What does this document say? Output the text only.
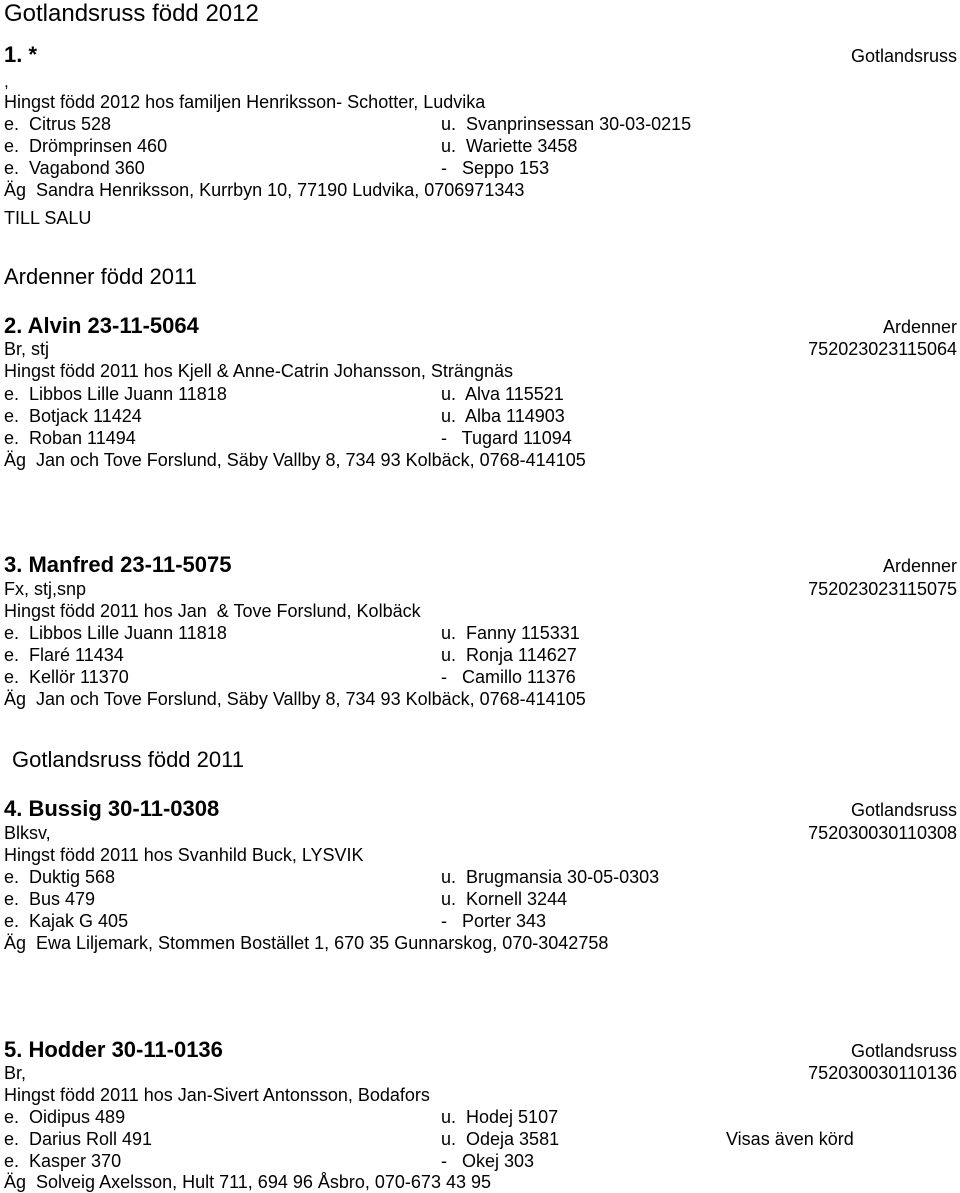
Gotlandsruss född 2012
1. *	Gotlandsruss
,
Hingst född 2012 hos familjen Henriksson- Schotter, Ludvika
e.  Citrus 528	u.  Svanprinsessan 30-03-0215
e.  Drömprinsen 460	u.  Wariette 3458
e.  Vagabond 360	-   Seppo 153
Äg  Sandra Henriksson, Kurrbyn 10, 77190 Ludvika, 0706971343
TILL SALU
Ardenner född 2011
2. Alvin 23-11-5064	Ardenner
Br, stj	752023023115064
Hingst född 2011 hos Kjell & Anne-Catrin Johansson, Strängnäs
e.  Libbos Lille Juann 11818	u.  Alva 115521
e.  Botjack 11424	u.  Alba 114903
e.  Roban 11494	-   Tugard 11094
Äg  Jan och Tove Forslund, Säby Vallby 8, 734 93 Kolbäck, 0768-414105
3. Manfred 23-11-5075	Ardenner
Fx, stj,snp	752023023115075
Hingst född 2011 hos Jan  & Tove Forslund, Kolbäck
e.  Libbos Lille Juann 11818	u.  Fanny 115331
e.  Flaré 11434	u.  Ronja 114627
e.  Kellör 11370	-   Camillo 11376
Äg  Jan och Tove Forslund, Säby Vallby 8, 734 93 Kolbäck, 0768-414105
Gotlandsruss född 2011
4. Bussig 30-11-0308	Gotlandsruss
Blksv,	752030030110308
Hingst född 2011 hos Svanhild Buck, LYSVIK
e.  Duktig 568	u.  Brugmansia 30-05-0303
e.  Bus 479	u.  Kornell 3244
e.  Kajak G 405	-   Porter 343
Äg  Ewa Liljemark, Stommen Bostället 1, 670 35 Gunnarskog, 070-3042758
5. Hodder 30-11-0136	Gotlandsruss
Br,	752030030110136
Hingst född 2011 hos Jan-Sivert Antonsson, Bodafors
e.  Oidipus 489	u.  Hodej 5107
e.  Darius Roll 491	u.  Odeja 3581	Visas även körd
e.  Kasper 370	-   Okej 303
Äg  Solveig Axelsson, Hult 711, 694 96 Åsbro, 070-673 43 95
